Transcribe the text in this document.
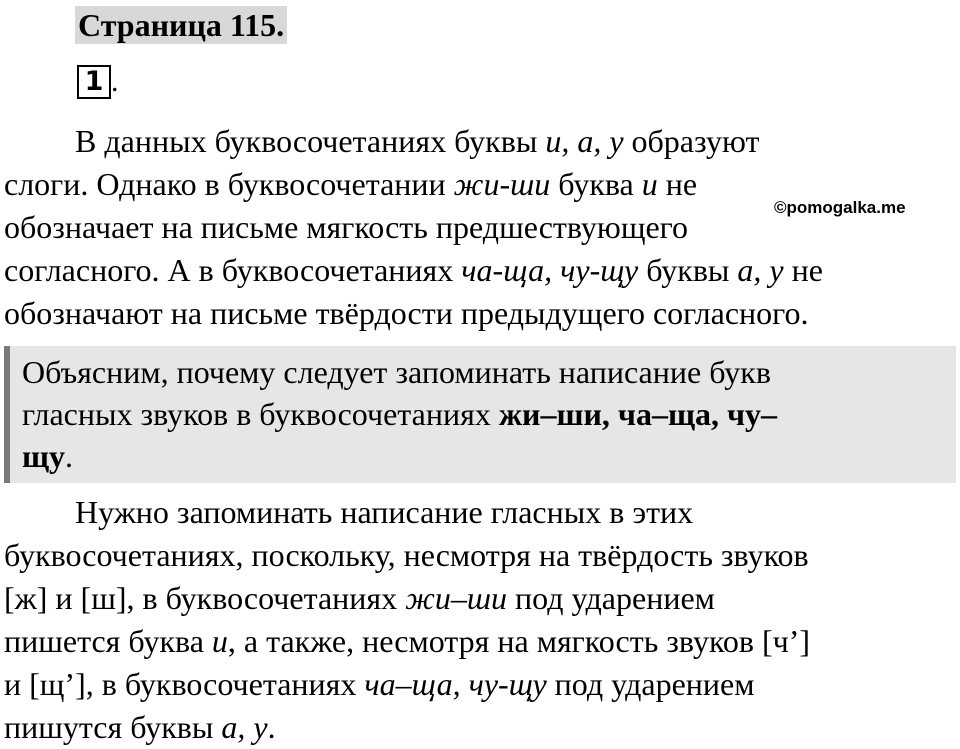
Страница 115.
1 .
В данных буквосочетаниях буквы и, а, у образуют
слоги. Однако в буквосочетании жи-ши буква и не
обозначает на письме мягкость предшествующего
согласного. А в буквосочетаниях ча-ща, чу-щу буквы а, у не
обозначают на письме твёрдости предыдущего согласного.
©pomogalka.me
Объясним, почему следует запоминать написание букв
гласных звуков в буквосочетаниях жи–ши, ча–ща, чу–
щу.
Нужно запоминать написание гласных в этих
буквосочетаниях, поскольку, несмотря на твёрдость звуков
[ж] и [ш], в буквосочетаниях жи–ши под ударением
пишется буква и, а также, несмотря на мягкость звуков [ч’]
и [щ’], в буквосочетаниях ча–ща, чу-щу под ударением
пишутся буквы а, у.
